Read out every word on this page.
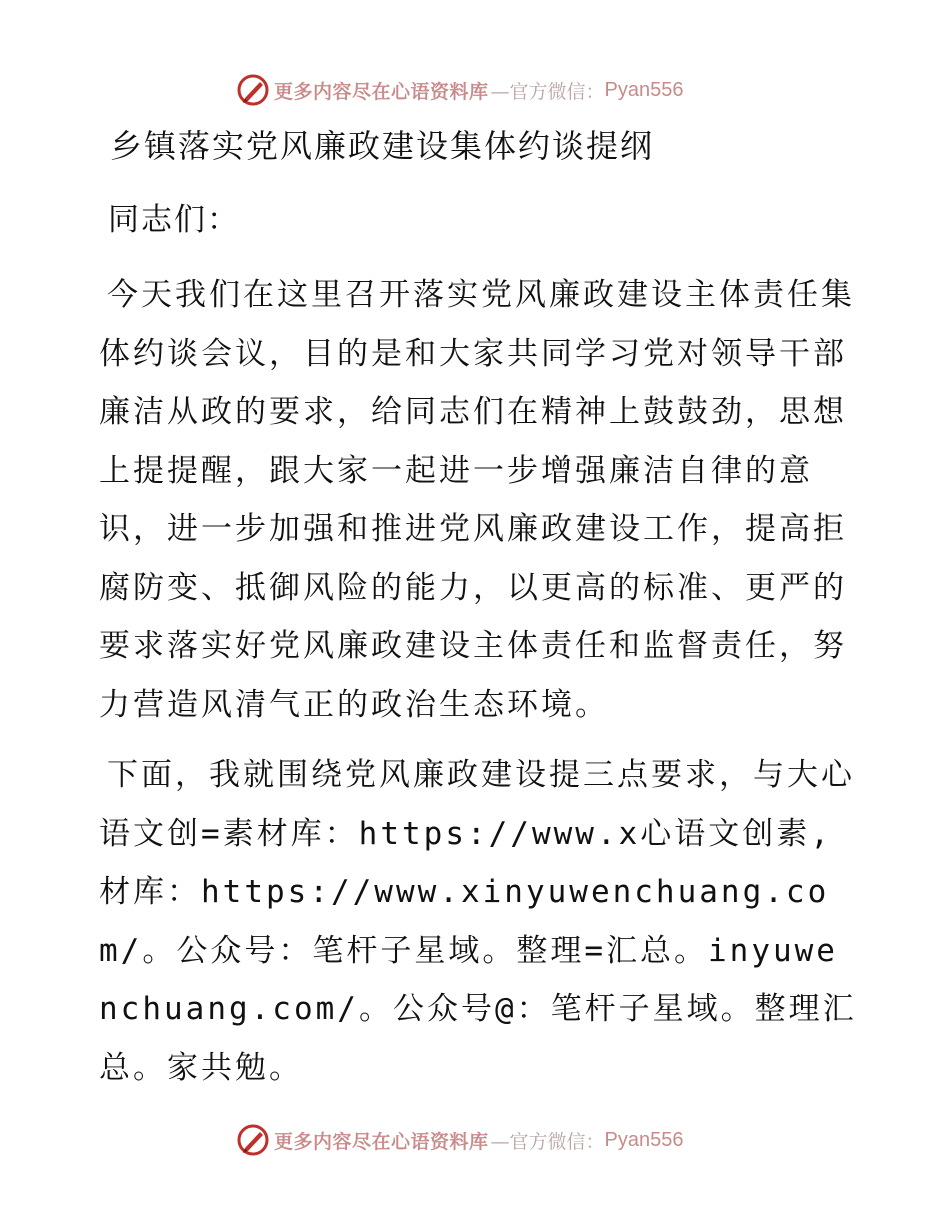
更多内容尽在心语资料库 —官方微信： Pyan556
乡镇落实党风廉政建设集体约谈提纲
同志们：

今天我们在这里召开落实党风廉政建设主体责任集体约谈会议，目的是和大家共同学习党对领导干部廉洁从政的要求，给同志们在精神上鼓鼓劲，思想上提提醒，跟大家一起进一步增强廉洁自律的意识，进一步加强和推进党风廉政建设工作，提高拒腐防变、抵御风险的能力，以更高的标准、更严的要求落实好党风廉政建设主体责任和监督责任，努力营造风清气正的政治生态环境。

下面，我就围绕党风廉政建设提三点要求，与大心语文创=素材库：https://www.x心语文创素,材库：https://www.xinyuwenchuang.com/。公众号：笔杆子星域。整理=汇总。inyuwenchuang.com/。公众号@：笔杆子星域。整理汇总。家共勉。

更多内容尽在心语资料库 —官方微信： Pyan556
